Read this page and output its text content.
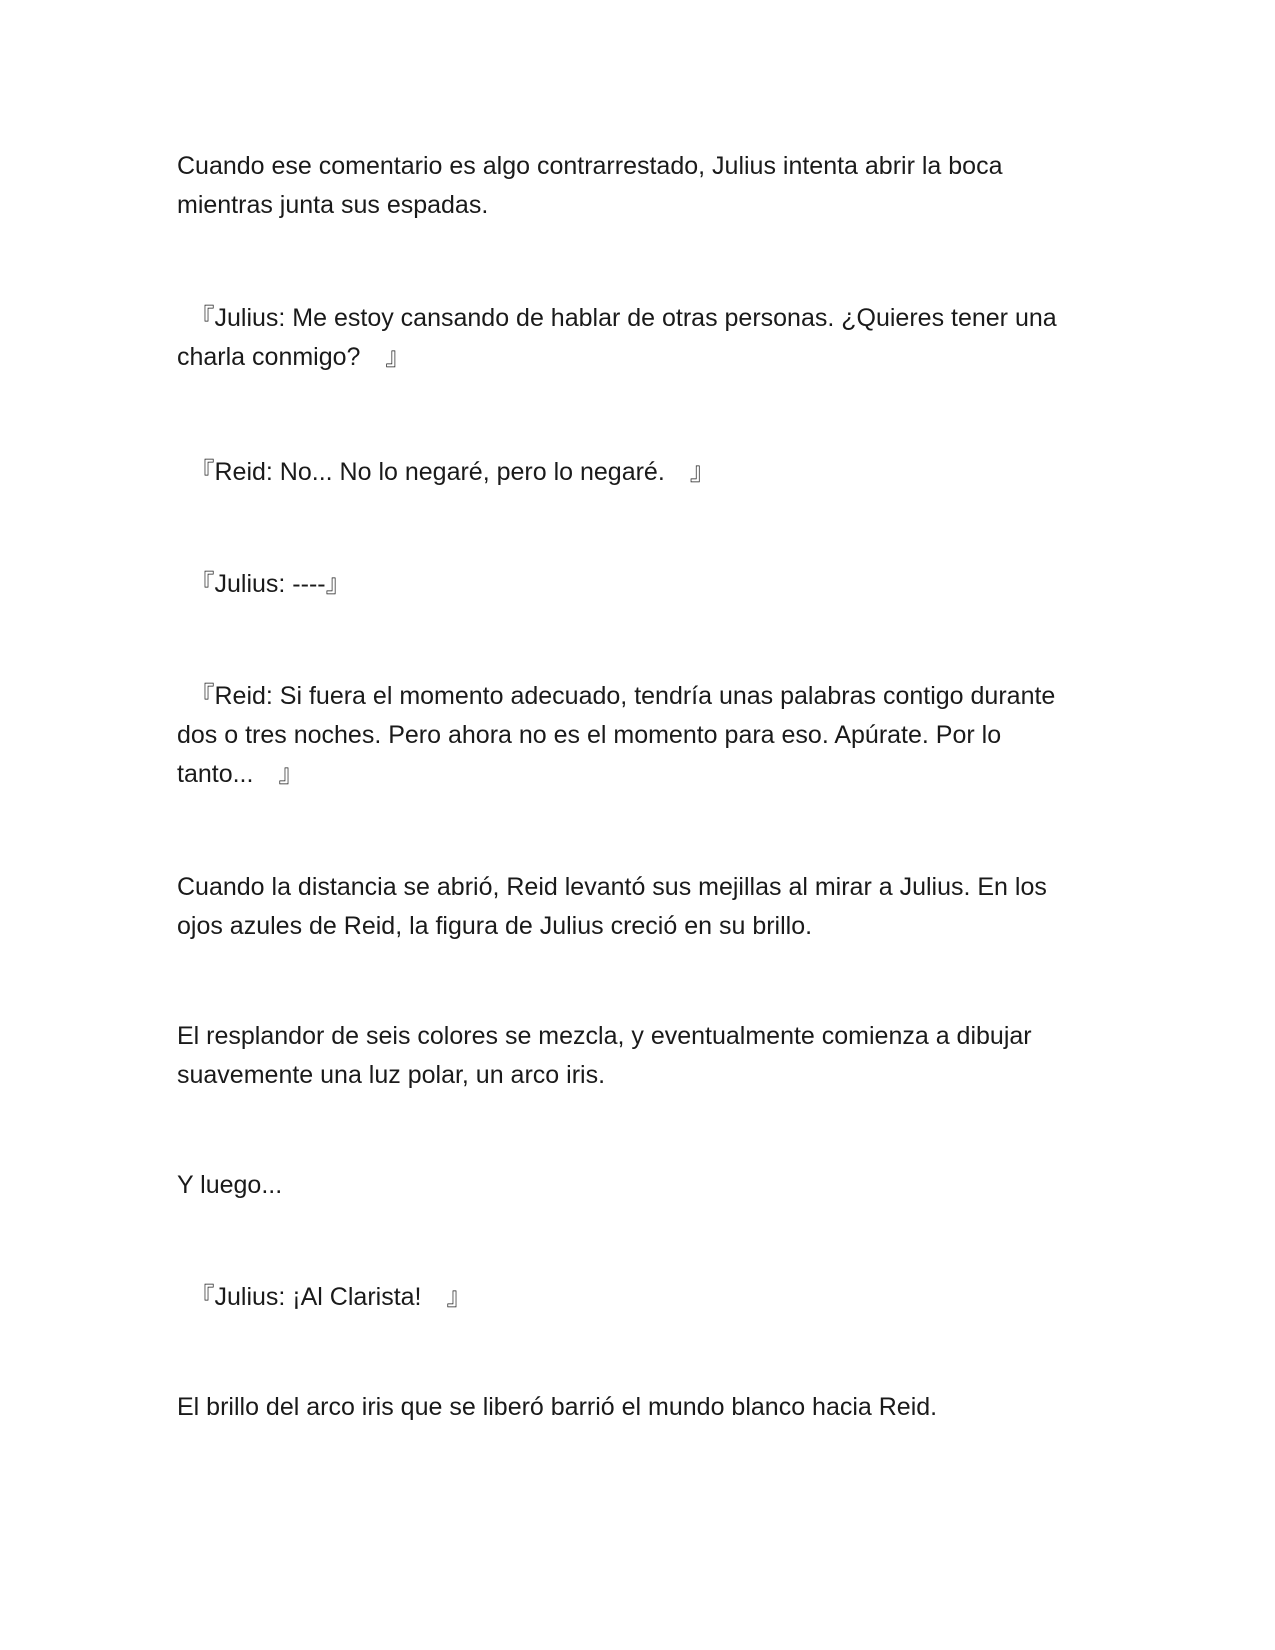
Cuando ese comentario es algo contrarrestado, Julius intenta abrir la boca mientras junta sus espadas.

　『Julius: Me estoy cansando de hablar de otras personas. ¿Quieres tener una charla conmigo?　』

　『Reid: No... No lo negaré, pero lo negaré.　』

　『Julius: ----』

　『Reid: Si fuera el momento adecuado, tendría unas palabras contigo durante dos o tres noches. Pero ahora no es el momento para eso. Apúrate. Por lo tanto...　』

Cuando la distancia se abrió, Reid levantó sus mejillas al mirar a Julius. En los ojos azules de Reid, la figura de Julius creció en su brillo.

El resplandor de seis colores se mezcla, y eventualmente comienza a dibujar suavemente una luz polar, un arco iris.

Y luego...

　『Julius: ¡Al Clarista!　』

El brillo del arco iris que se liberó barrió el mundo blanco hacia Reid.
